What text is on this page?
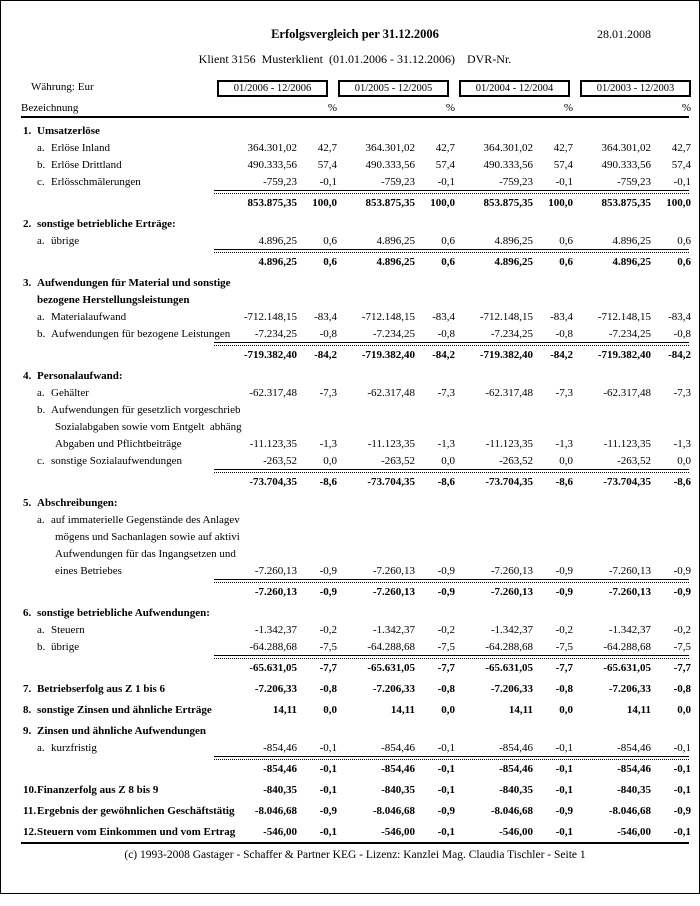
Erfolgsvergleich per 31.12.2006	28.01.2008
Klient 3156  Musterklient  (01.01.2006 - 31.12.2006)    DVR-Nr.
Währung: Eur	01/2006 - 12/2006	01/2005 - 12/2005	01/2004 - 12/2004	01/2003 - 12/2003
Bezeichnung	%	%	%	%
1. Umsatzerlöse
a. Erlöse Inland	364.301,02	42,7	364.301,02	42,7	364.301,02	42,7	364.301,02	42,7
b. Erlöse Drittland	490.333,56	57,4	490.333,56	57,4	490.333,56	57,4	490.333,56	57,4
c. Erlösschmälerungen	-759,23	-0,1	-759,23	-0,1	-759,23	-0,1	-759,23	-0,1
853.875,35	100,0	853.875,35	100,0	853.875,35	100,0	853.875,35	100,0
2. sonstige betriebliche Erträge:
a. übrige	4.896,25	0,6	4.896,25	0,6	4.896,25	0,6	4.896,25	0,6
4.896,25	0,6	4.896,25	0,6	4.896,25	0,6	4.896,25	0,6
3. Aufwendungen für Material und sonstige
bezogene Herstellungsleistungen
a. Materialaufwand	-712.148,15	-83,4	-712.148,15	-83,4	-712.148,15	-83,4	-712.148,15	-83,4
b. Aufwendungen für bezogene Leistungen	-7.234,25	-0,8	-7.234,25	-0,8	-7.234,25	-0,8	-7.234,25	-0,8
-719.382,40	-84,2	-719.382,40	-84,2	-719.382,40	-84,2	-719.382,40	-84,2
4. Personalaufwand:
a. Gehälter	-62.317,48	-7,3	-62.317,48	-7,3	-62.317,48	-7,3	-62.317,48	-7,3
b. Aufwendungen für gesetzlich vorgeschrieb
Sozialabgaben sowie vom Entgelt  abhäng
Abgaben und Pflichtbeiträge	-11.123,35	-1,3	-11.123,35	-1,3	-11.123,35	-1,3	-11.123,35	-1,3
c. sonstige Sozialaufwendungen	-263,52	0,0	-263,52	0,0	-263,52	0,0	-263,52	0,0
-73.704,35	-8,6	-73.704,35	-8,6	-73.704,35	-8,6	-73.704,35	-8,6
5. Abschreibungen:
a. auf immaterielle Gegenstände des Anlagev
mögens und Sachanlagen sowie auf aktivi
Aufwendungen für das Ingangsetzen und
eines Betriebes	-7.260,13	-0,9	-7.260,13	-0,9	-7.260,13	-0,9	-7.260,13	-0,9
-7.260,13	-0,9	-7.260,13	-0,9	-7.260,13	-0,9	-7.260,13	-0,9
6. sonstige betriebliche Aufwendungen:
a. Steuern	-1.342,37	-0,2	-1.342,37	-0,2	-1.342,37	-0,2	-1.342,37	-0,2
b. übrige	-64.288,68	-7,5	-64.288,68	-7,5	-64.288,68	-7,5	-64.288,68	-7,5
-65.631,05	-7,7	-65.631,05	-7,7	-65.631,05	-7,7	-65.631,05	-7,7
7. Betriebserfolg aus Z 1 bis 6	-7.206,33	-0,8	-7.206,33	-0,8	-7.206,33	-0,8	-7.206,33	-0,8
8. sonstige Zinsen und ähnliche Erträge	14,11	0,0	14,11	0,0	14,11	0,0	14,11	0,0
9. Zinsen und ähnliche Aufwendungen
a. kurzfristig	-854,46	-0,1	-854,46	-0,1	-854,46	-0,1	-854,46	-0,1
-854,46	-0,1	-854,46	-0,1	-854,46	-0,1	-854,46	-0,1
10. Finanzerfolg aus Z 8 bis 9	-840,35	-0,1	-840,35	-0,1	-840,35	-0,1	-840,35	-0,1
11. Ergebnis der gewöhnlichen Geschäftstätig	-8.046,68	-0,9	-8.046,68	-0,9	-8.046,68	-0,9	-8.046,68	-0,9
12. Steuern vom Einkommen und vom Ertrag	-546,00	-0,1	-546,00	-0,1	-546,00	-0,1	-546,00	-0,1
(c) 1993-2008 Gastager - Schaffer & Partner KEG - Lizenz: Kanzlei Mag. Claudia Tischler - Seite 1
